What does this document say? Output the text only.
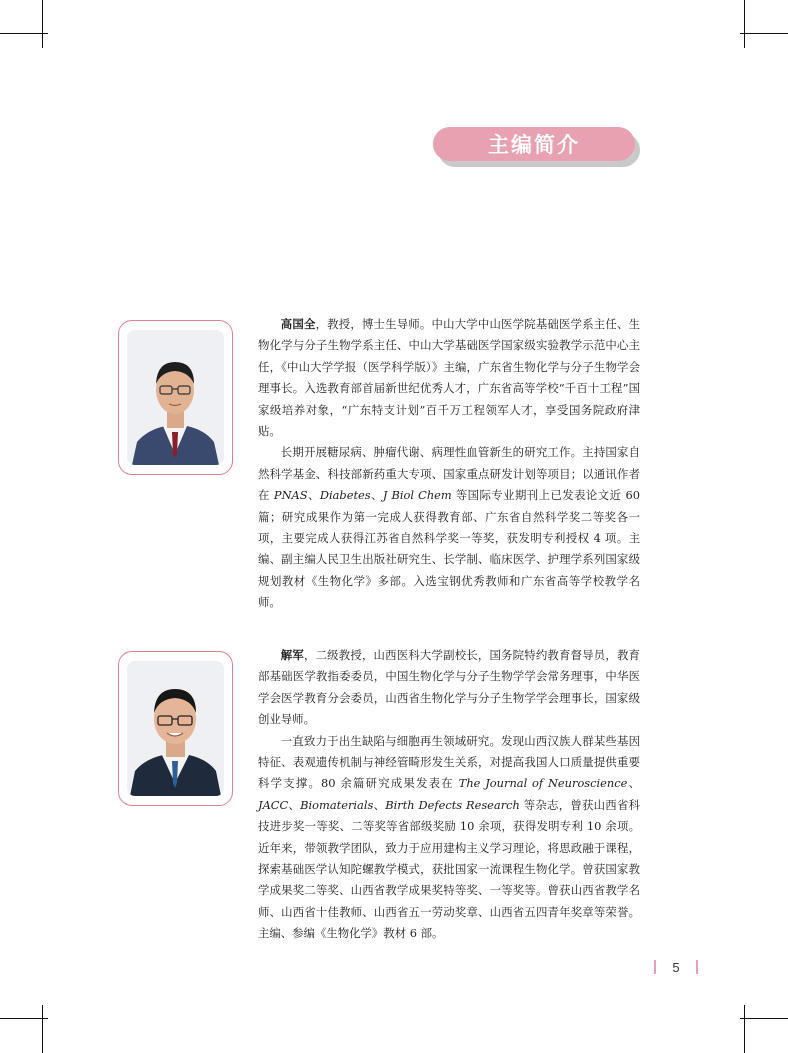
主编简介

高国全，教授，博士生导师。中山大学中山医学院基础医学系主任、生物化学与分子生物学系主任、中山大学基础医学国家级实验教学示范中心主任，《中山大学学报（医学科学版）》主编，广东省生物化学与分子生物学会理事长。入选教育部首届新世纪优秀人才，广东省高等学校“千百十工程”国家级培养对象，“广东特支计划”百千万工程领军人才，享受国务院政府津贴。

长期开展糖尿病、肿瘤代谢、病理性血管新生的研究工作。主持国家自然科学基金、科技部新药重大专项、国家重点研发计划等项目；以通讯作者在 PNAS、Diabetes、J Biol Chem 等国际专业期刊上已发表论文近 60 篇；研究成果作为第一完成人获得教育部、广东省自然科学奖二等奖各一项，主要完成人获得江苏省自然科学奖一等奖，获发明专利授权 4 项。主编、副主编人民卫生出版社研究生、长学制、临床医学、护理学系列国家级规划教材《生物化学》多部。入选宝钢优秀教师和广东省高等学校教学名师。

解军，二级教授，山西医科大学副校长，国务院特约教育督导员，教育部基础医学教指委委员，中国生物化学与分子生物学学会常务理事，中华医学会医学教育分会委员，山西省生物化学与分子生物学学会理事长，国家级创业导师。

一直致力于出生缺陷与细胞再生领域研究。发现山西汉族人群某些基因特征、表观遗传机制与神经管畸形发生关系，对提高我国人口质量提供重要科学支撑。80 余篇研究成果发表在 The Journal of Neuroscience、JACC、Biomaterials、Birth Defects Research 等杂志，曾获山西省科技进步奖一等奖、二等奖等省部级奖励 10 余项，获得发明专利 10 余项。近年来，带领教学团队，致力于应用建构主义学习理论，将思政融于课程，探索基础医学认知陀螺教学模式，获批国家一流课程生物化学。曾获国家教学成果奖二等奖、山西省教学成果奖特等奖、一等奖等。曾获山西省教学名师、山西省十佳教师、山西省五一劳动奖章、山西省五四青年奖章等荣誉。主编、参编《生物化学》教材 6 部。

5
